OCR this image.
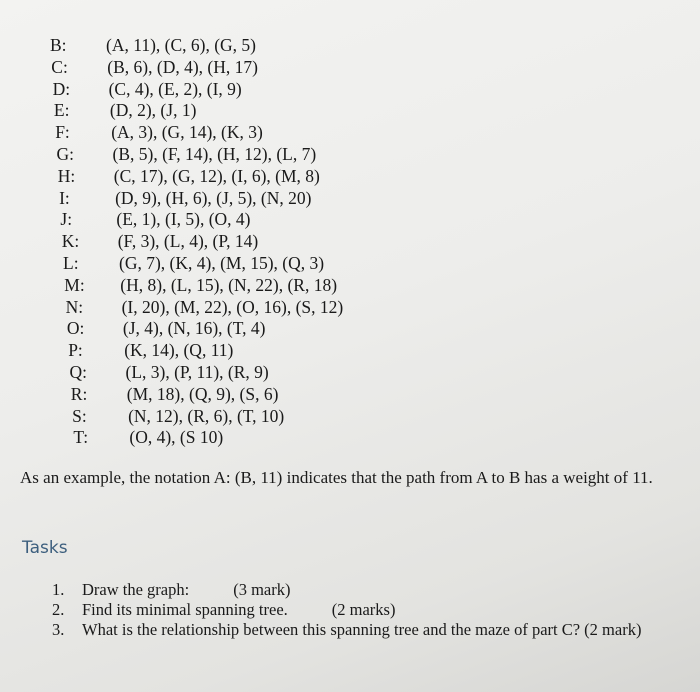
B:	(A, 11), (C, 6), (G, 5)
C:	(B, 6), (D, 4), (H, 17)
D:	(C, 4), (E, 2), (I, 9)
E:	(D, 2), (J, 1)
F:	(A, 3), (G, 14), (K, 3)
G:	(B, 5), (F, 14), (H, 12), (L, 7)
H:	(C, 17), (G, 12), (I, 6), (M, 8)
I:	(D, 9), (H, 6), (J, 5), (N, 20)
J:	(E, 1), (I, 5), (O, 4)
K:	(F, 3), (L, 4), (P, 14)
L:	(G, 7), (K, 4), (M, 15), (Q, 3)
M:	(H, 8), (L, 15), (N, 22), (R, 18)
N:	(I, 20), (M, 22), (O, 16), (S, 12)
O:	(J, 4), (N, 16), (T, 4)
P:	(K, 14), (Q, 11)
Q:	(L, 3), (P, 11), (R, 9)
R:	(M, 18), (Q, 9), (S, 6)
S:	(N, 12), (R, 6), (T, 10)
T:	(O, 4), (S 10)
As an example, the notation A: (B, 11) indicates that the path from A to B has a weight of 11.
Tasks
1.	Draw the graph:	(3 mark)
2.	Find its minimal spanning tree.	(2 marks)
3.	What is the relationship between this spanning tree and the maze of part C? (2 mark)
